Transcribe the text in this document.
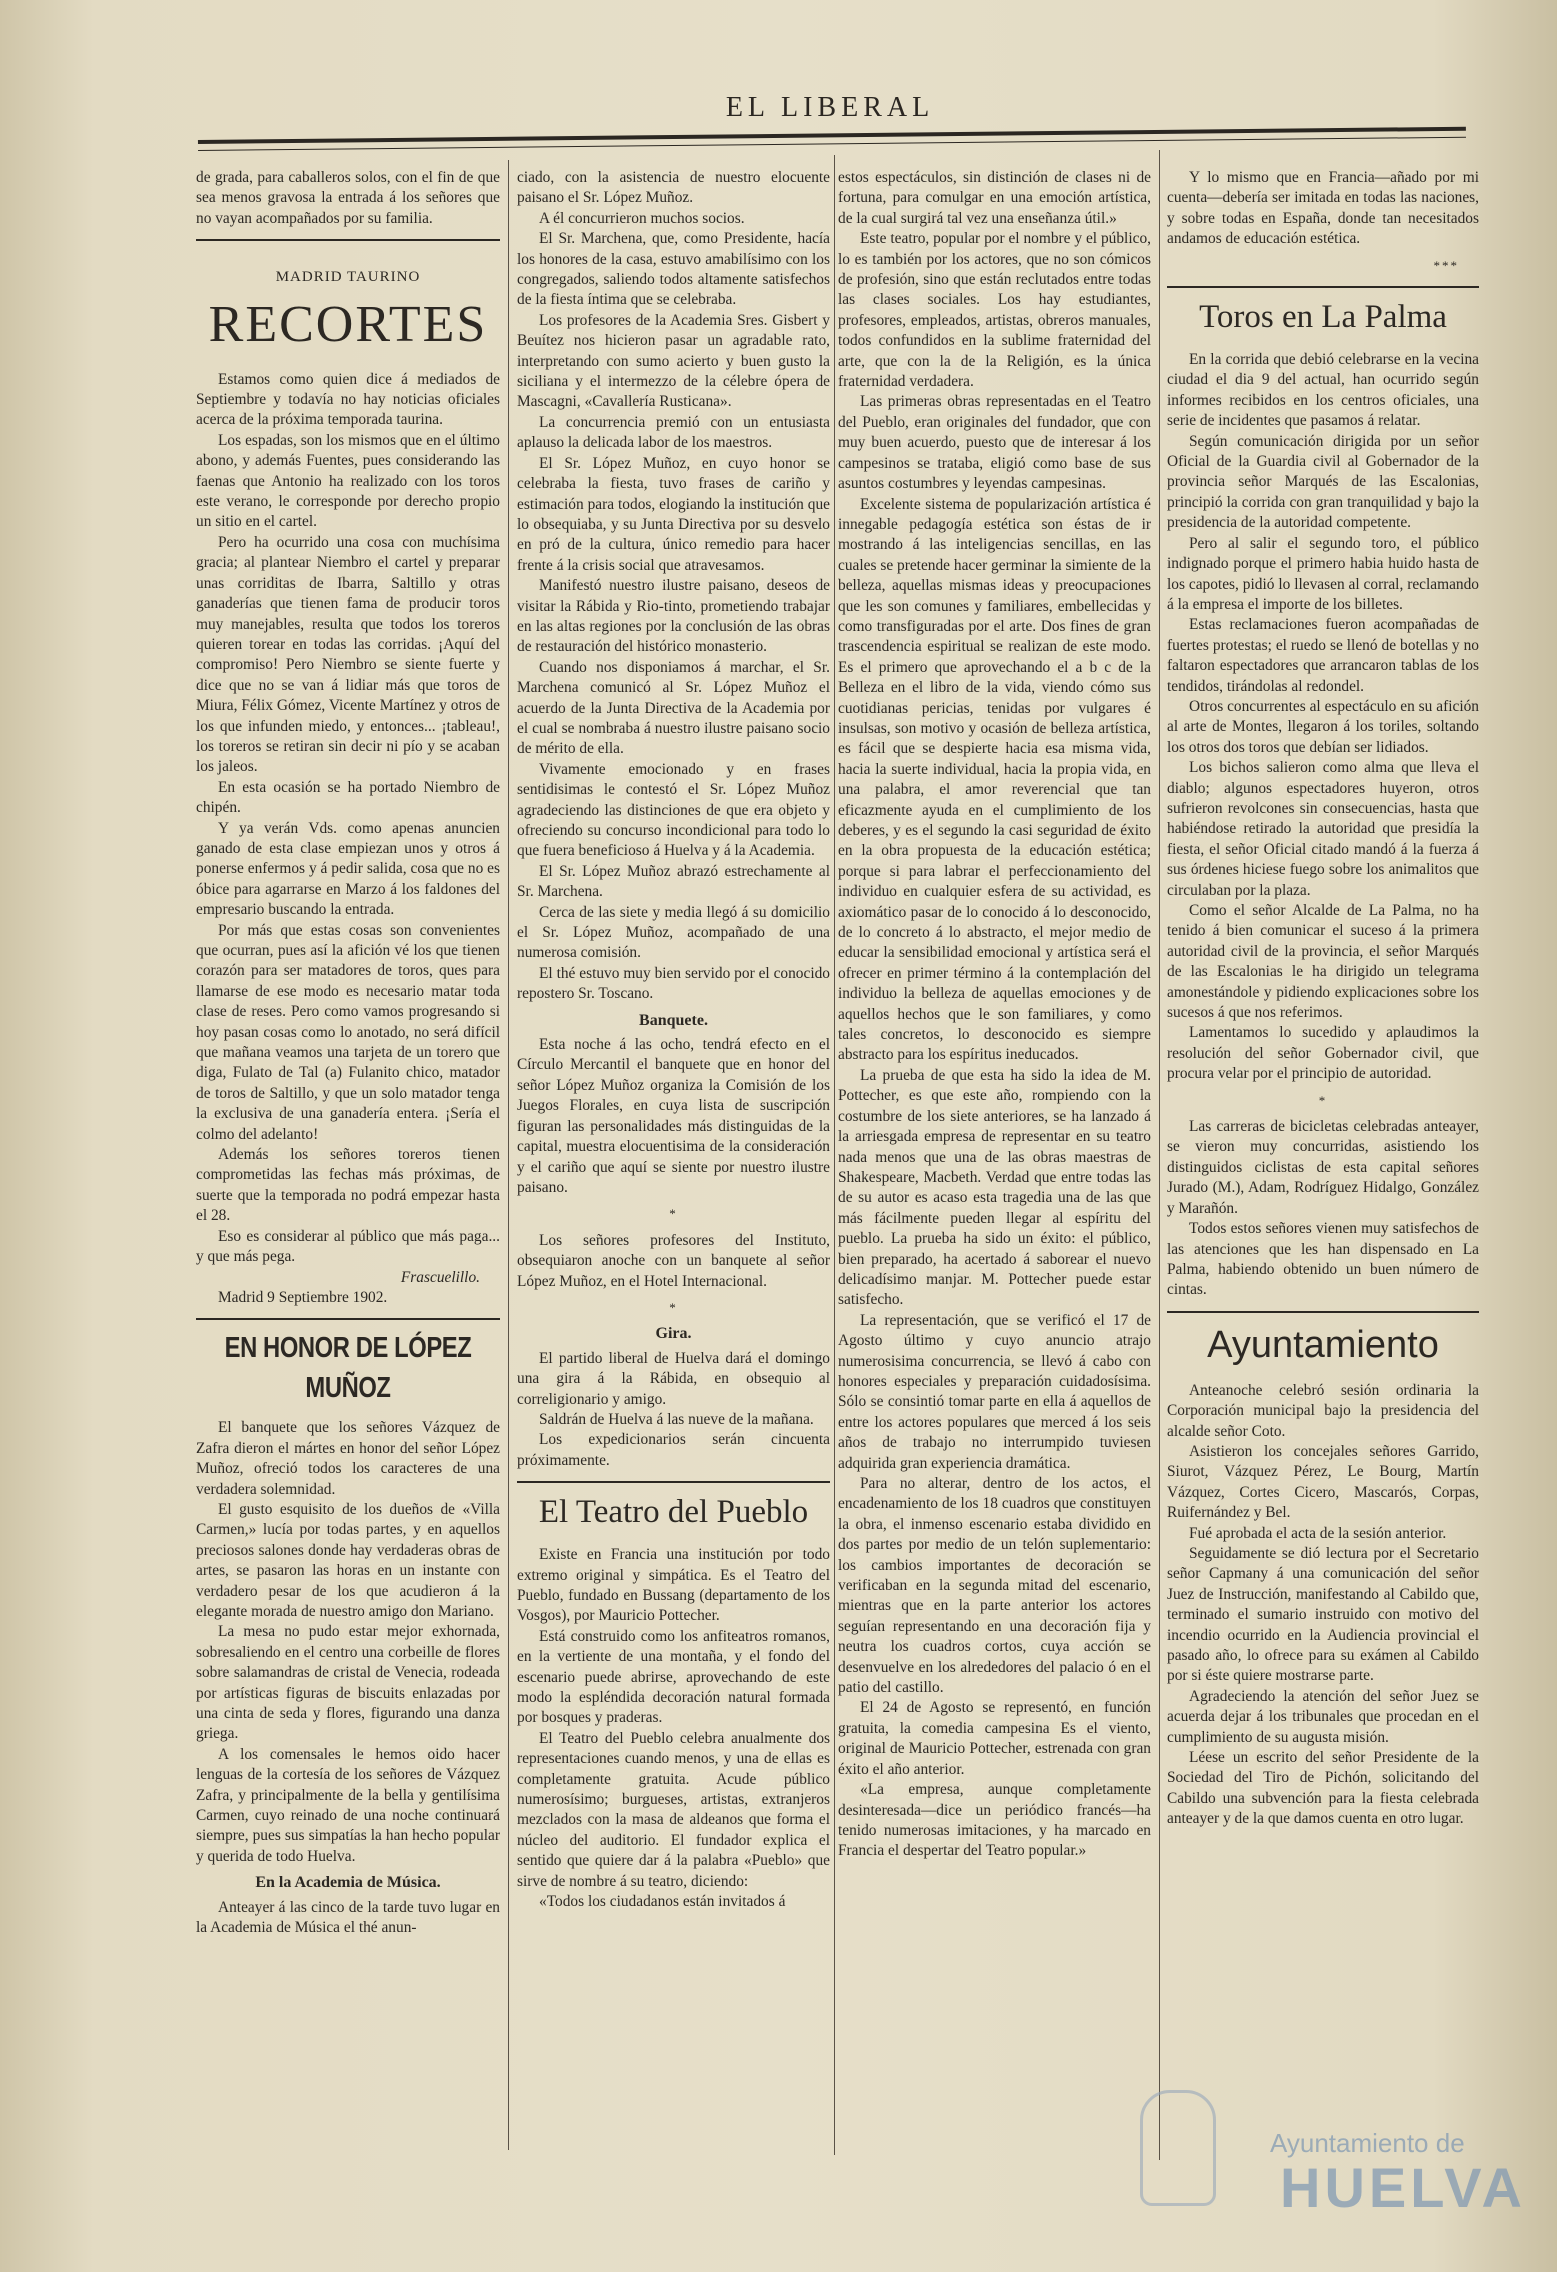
EL LIBERAL

de grada, para caballeros solos, con el fin de que sea menos gravosa la entrada á los señores que no vayan acompañados por su familia.

MADRID TAURINO
RECORTES

Estamos como quien dice á mediados de Septiembre y todavía no hay noticias oficiales acerca de la próxima temporada taurina.

Los espadas, son los mismos que en el último abono, y además Fuentes, pues considerando las faenas que Antonio ha realizado con los toros este verano, le corresponde por derecho propio un sitio en el cartel.

Pero ha ocurrido una cosa con muchísima gracia; al plantear Niembro el cartel y preparar unas corriditas de Ibarra, Saltillo y otras ganaderías que tienen fama de producir toros muy manejables, resulta que todos los toreros quieren torear en todas las corridas. ¡Aquí del compromiso! Pero Niembro se siente fuerte y dice que no se van á lidiar más que toros de Miura, Félix Gómez, Vicente Martínez y otros de los que infunden miedo, y entonces... ¡tableau!, los toreros se retiran sin decir ni pío y se acaban los jaleos.

En esta ocasión se ha portado Niembro de chipén.

Y ya verán Vds. como apenas anuncien ganado de esta clase empiezan unos y otros á ponerse enfermos y á pedir salida, cosa que no es óbice para agarrarse en Marzo á los faldones del empresario buscando la entrada.

Por más que estas cosas son convenientes que ocurran, pues así la afición vé los que tienen corazón para ser matadores de toros, ques para llamarse de ese modo es necesario matar toda clase de reses. Pero como vamos progresando si hoy pasan cosas como lo anotado, no será difícil que mañana veamos una tarjeta de un torero que diga, Fulato de Tal (a) Fulanito chico, matador de toros de Saltillo, y que un solo matador tenga la exclusiva de una ganadería entera. ¡Sería el colmo del adelanto!

Además los señores toreros tienen comprometidas las fechas más próximas, de suerte que la temporada no podrá empezar hasta el 28.

Eso es considerar al público que más paga... y que más pega.

Frascuelillo.

Madrid 9 Septiembre 1902.

EN HONOR DE LÓPEZ MUÑOZ

El banquete que los señores Vázquez de Zafra dieron el mártes en honor del señor López Muñoz, ofreció todos los caracteres de una verdadera solemnidad.

El gusto esquisito de los dueños de «Villa Carmen,» lucía por todas partes, y en aquellos preciosos salones donde hay verdaderas obras de artes, se pasaron las horas en un instante con verdadero pesar de los que acudieron á la elegante morada de nuestro amigo don Mariano.

La mesa no pudo estar mejor exhornada, sobresaliendo en el centro una corbeille de flores sobre salamandras de cristal de Venecia, rodeada por artísticas figuras de biscuits enlazadas por una cinta de seda y flores, figurando una danza griega.

A los comensales le hemos oido hacer lenguas de la cortesía de los señores de Vázquez Zafra, y principalmente de la bella y gentilísima Carmen, cuyo reinado de una noche continuará siempre, pues sus simpatías la han hecho popular y querida de todo Huelva.

En la Academia de Música.

Anteayer á las cinco de la tarde tuvo lugar en la Academia de Música el thé anun-

ciado, con la asistencia de nuestro elocuente paisano el Sr. López Muñoz.

A él concurrieron muchos socios.

El Sr. Marchena, que, como Presidente, hacía los honores de la casa, estuvo amabilísimo con los congregados, saliendo todos altamente satisfechos de la fiesta íntima que se celebraba.

Los profesores de la Academia Sres. Gisbert y Beuítez nos hicieron pasar un agradable rato, interpretando con sumo acierto y buen gusto la siciliana y el intermezzo de la célebre ópera de Mascagni, «Cavallería Rusticana».

La concurrencia premió con un entusiasta aplauso la delicada labor de los maestros.

El Sr. López Muñoz, en cuyo honor se celebraba la fiesta, tuvo frases de cariño y estimación para todos, elogiando la institución que lo obsequiaba, y su Junta Directiva por su desvelo en pró de la cultura, único remedio para hacer frente á la crisis social que atravesamos.

Manifestó nuestro ilustre paisano, deseos de visitar la Rábida y Rio-tinto, prometiendo trabajar en las altas regiones por la conclusión de las obras de restauración del histórico monasterio.

Cuando nos disponiamos á marchar, el Sr. Marchena comunicó al Sr. López Muñoz el acuerdo de la Junta Directiva de la Academia por el cual se nombraba á nuestro ilustre paisano socio de mérito de ella.

Vivamente emocionado y en frases sentidisimas le contestó el Sr. López Muñoz agradeciendo las distinciones de que era objeto y ofreciendo su concurso incondicional para todo lo que fuera beneficioso á Huelva y á la Academia.

El Sr. López Muñoz abrazó estrechamente al Sr. Marchena.

Cerca de las siete y media llegó á su domicilio el Sr. López Muñoz, acompañado de una numerosa comisión.

El thé estuvo muy bien servido por el conocido repostero Sr. Toscano.

Banquete.

Esta noche á las ocho, tendrá efecto en el Círculo Mercantil el banquete que en honor del señor López Muñoz organiza la Comisión de los Juegos Florales, en cuya lista de suscripción figuran las personalidades más distinguidas de la capital, muestra elocuentisima de la consideración y el cariño que aquí se siente por nuestro ilustre paisano.

*

Los señores profesores del Instituto, obsequiaron anoche con un banquete al señor López Muñoz, en el Hotel Internacional.

*
Gira.

El partido liberal de Huelva dará el domingo una gira á la Rábida, en obsequio al correligionario y amigo.

Saldrán de Huelva á las nueve de la mañana.

Los expedicionarios serán cincuenta próximamente.

El Teatro del Pueblo

Existe en Francia una institución por todo extremo original y simpática. Es el Teatro del Pueblo, fundado en Bussang (departamento de los Vosgos), por Mauricio Pottecher.

Está construido como los anfiteatros romanos, en la vertiente de una montaña, y el fondo del escenario puede abrirse, aprovechando de este modo la espléndida decoración natural formada por bosques y praderas.

El Teatro del Pueblo celebra anualmente dos representaciones cuando menos, y una de ellas es completamente gratuita. Acude público numerosísimo; burgueses, artistas, extranjeros mezclados con la masa de aldeanos que forma el núcleo del auditorio. El fundador explica el sentido que quiere dar á la palabra «Pueblo» que sirve de nombre á su teatro, diciendo:

«Todos los ciudadanos están invitados á

estos espectáculos, sin distinción de clases ni de fortuna, para comulgar en una emoción artística, de la cual surgirá tal vez una enseñanza útil.»

Este teatro, popular por el nombre y el público, lo es también por los actores, que no son cómicos de profesión, sino que están reclutados entre todas las clases sociales. Los hay estudiantes, profesores, empleados, artistas, obreros manuales, todos confundidos en la sublime fraternidad del arte, que con la de la Religión, es la única fraternidad verdadera.

Las primeras obras representadas en el Teatro del Pueblo, eran originales del fundador, que con muy buen acuerdo, puesto que de interesar á los campesinos se trataba, eligió como base de sus asuntos costumbres y leyendas campesinas.

Excelente sistema de popularización artística é innegable pedagogía estética son éstas de ir mostrando á las inteligencias sencillas, en las cuales se pretende hacer germinar la simiente de la belleza, aquellas mismas ideas y preocupaciones que les son comunes y familiares, embellecidas y como transfiguradas por el arte. Dos fines de gran trascendencia espiritual se realizan de este modo. Es el primero que aprovechando el a b c de la Belleza en el libro de la vida, viendo cómo sus cuotidianas pericias, tenidas por vulgares é insulsas, son motivo y ocasión de belleza artística, es fácil que se despierte hacia esa misma vida, hacia la suerte individual, hacia la propia vida, en una palabra, el amor reverencial que tan eficazmente ayuda en el cumplimiento de los deberes, y es el segundo la casi seguridad de éxito en la obra propuesta de la educación estética; porque si para labrar el perfeccionamiento del individuo en cualquier esfera de su actividad, es axiomático pasar de lo conocido á lo desconocido, de lo concreto á lo abstracto, el mejor medio de educar la sensibilidad emocional y artística será el ofrecer en primer término á la contemplación del individuo la belleza de aquellas emociones y de aquellos hechos que le son familiares, y como tales concretos, lo desconocido es siempre abstracto para los espíritus ineducados.

La prueba de que esta ha sido la idea de M. Pottecher, es que este año, rompiendo con la costumbre de los siete anteriores, se ha lanzado á la arriesgada empresa de representar en su teatro nada menos que una de las obras maestras de Shakespeare, Macbeth. Verdad que entre todas las de su autor es acaso esta tragedia una de las que más fácilmente pueden llegar al espíritu del pueblo. La prueba ha sido un éxito: el público, bien preparado, ha acertado á saborear el nuevo delicadísimo manjar. M. Pottecher puede estar satisfecho.

La representación, que se verificó el 17 de Agosto último y cuyo anuncio atrajo numerosisima concurrencia, se llevó á cabo con honores especiales y preparación cuidadosísima. Sólo se consintió tomar parte en ella á aquellos de entre los actores populares que merced á los seis años de trabajo no interrumpido tuviesen adquirida gran experiencia dramática.

Para no alterar, dentro de los actos, el encadenamiento de los 18 cuadros que constituyen la obra, el inmenso escenario estaba dividido en dos partes por medio de un telón suplementario: los cambios importantes de decoración se verificaban en la segunda mitad del escenario, mientras que en la parte anterior los actores seguían representando en una decoración fija y neutra los cuadros cortos, cuya acción se desenvuelve en los alrededores del palacio ó en el patio del castillo.

El 24 de Agosto se representó, en función gratuita, la comedia campesina Es el viento, original de Mauricio Pottecher, estrenada con gran éxito el año anterior.

«La empresa, aunque completamente desinteresada—dice un periódico francés—ha tenido numerosas imitaciones, y ha marcado en Francia el despertar del Teatro popular.»

Y lo mismo que en Francia—añado por mi cuenta—debería ser imitada en todas las naciones, y sobre todas en España, donde tan necesitados andamos de educación estética.

***
Toros en La Palma

En la corrida que debió celebrarse en la vecina ciudad el dia 9 del actual, han ocurrido según informes recibidos en los centros oficiales, una serie de incidentes que pasamos á relatar.

Según comunicación dirigida por un señor Oficial de la Guardia civil al Gobernador de la provincia señor Marqués de las Escalonias, principió la corrida con gran tranquilidad y bajo la presidencia de la autoridad competente.

Pero al salir el segundo toro, el público indignado porque el primero habia huido hasta de los capotes, pidió lo llevasen al corral, reclamando á la empresa el importe de los billetes.

Estas reclamaciones fueron acompañadas de fuertes protestas; el ruedo se llenó de botellas y no faltaron espectadores que arrancaron tablas de los tendidos, tirándolas al redondel.

Otros concurrentes al espectáculo en su afición al arte de Montes, llegaron á los toriles, soltando los otros dos toros que debían ser lidiados.

Los bichos salieron como alma que lleva el diablo; algunos espectadores huyeron, otros sufrieron revolcones sin consecuencias, hasta que habiéndose retirado la autoridad que presidía la fiesta, el señor Oficial citado mandó á la fuerza á sus órdenes hiciese fuego sobre los animalitos que circulaban por la plaza.

Como el señor Alcalde de La Palma, no ha tenido á bien comunicar el suceso á la primera autoridad civil de la provincia, el señor Marqués de las Escalonias le ha dirigido un telegrama amonestándole y pidiendo explicaciones sobre los sucesos á que nos referimos.

Lamentamos lo sucedido y aplaudimos la resolución del señor Gobernador civil, que procura velar por el principio de autoridad.

*

Las carreras de bicicletas celebradas anteayer, se vieron muy concurridas, asistiendo los distinguidos ciclistas de esta capital señores Jurado (M.), Adam, Rodríguez Hidalgo, González y Marañón.

Todos estos señores vienen muy satisfechos de las atenciones que les han dispensado en La Palma, habiendo obtenido un buen número de cintas.

Ayuntamiento

Anteanoche celebró sesión ordinaria la Corporación municipal bajo la presidencia del alcalde señor Coto.

Asistieron los concejales señores Garrido, Siurot, Vázquez Pérez, Le Bourg, Martín Vázquez, Cortes Cicero, Mascarós, Corpas, Ruifernández y Bel.

Fué aprobada el acta de la sesión anterior.

Seguidamente se dió lectura por el Secretario señor Capmany á una comunicación del señor Juez de Instrucción, manifestando al Cabildo que, terminado el sumario instruido con motivo del incendio ocurrido en la Audiencia provincial el pasado año, lo ofrece para su exámen al Cabildo por si éste quiere mostrarse parte.

Agradeciendo la atención del señor Juez se acuerda dejar á los tribunales que procedan en el cumplimiento de su augusta misión.

Léese un escrito del señor Presidente de la Sociedad del Tiro de Pichón, solicitando del Cabildo una subvención para la fiesta celebrada anteayer y de la que damos cuenta en otro lugar.

Ayuntamiento de
HUELVA
